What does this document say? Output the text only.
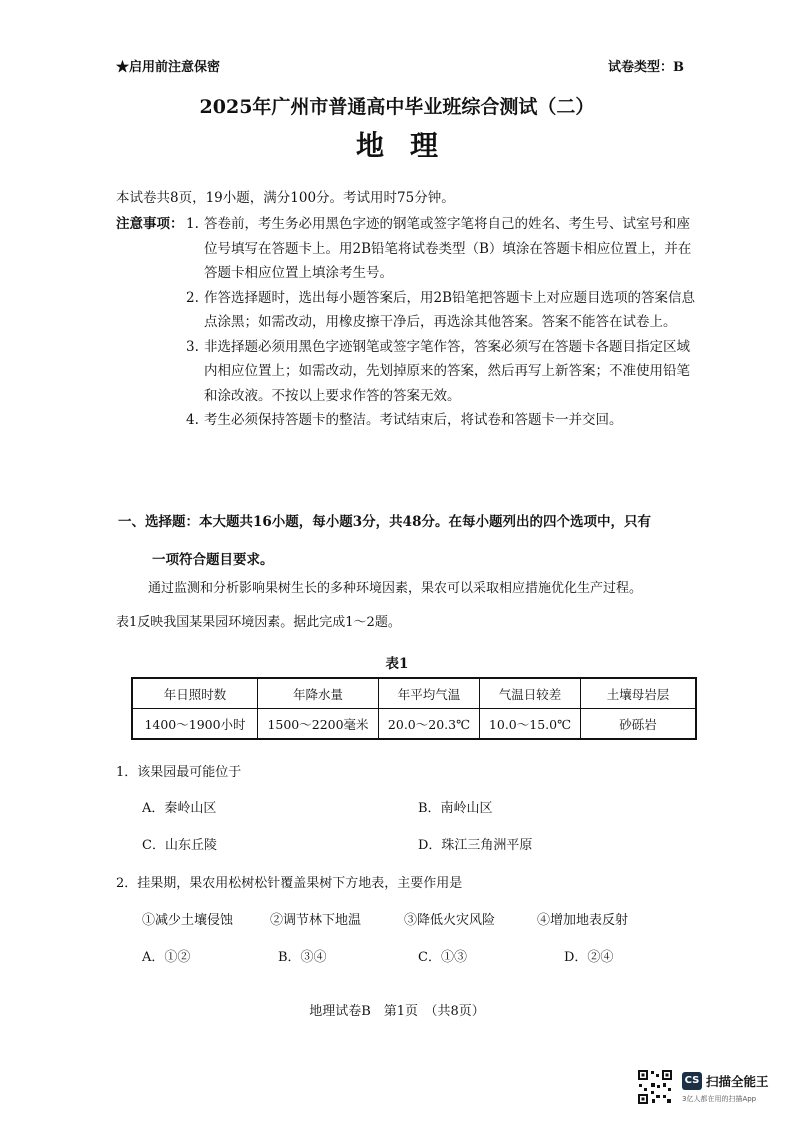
★启用前注意保密	试卷类型：B
2025年广州市普通高中毕业班综合测试（二）
地理
本试卷共8页，19小题，满分100分。考试用时75分钟。
注意事项： 1. 答卷前，考生务必用黑色字迹的钢笔或签字笔将自己的姓名、考生号、试室号和座位号填写在答题卡上。用2B铅笔将试卷类型（B）填涂在答题卡相应位置上，并在答题卡相应位置上填涂考生号。
2. 作答选择题时，选出每小题答案后，用2B铅笔把答题卡上对应题目选项的答案信息点涂黑；如需改动，用橡皮擦干净后，再选涂其他答案。答案不能答在试卷上。
3. 非选择题必须用黑色字迹钢笔或签字笔作答，答案必须写在答题卡各题目指定区域内相应位置上；如需改动，先划掉原来的答案，然后再写上新答案；不准使用铅笔和涂改液。不按以上要求作答的答案无效。
4. 考生必须保持答题卡的整洁。考试结束后，将试卷和答题卡一并交回。
一、选择题：本大题共16小题，每小题3分，共48分。在每小题列出的四个选项中，只有
一项符合题目要求。
通过监测和分析影响果树生长的多种环境因素，果农可以采取相应措施优化生产过程。
表1反映我国某果园环境因素。据此完成1～2题。
表1
年日照时数	年降水量	年平均气温	气温日较差	土壤母岩层
1400～1900小时	1500～2200毫米	20.0～20.3℃	10.0～15.0℃	砂砾岩
1．该果园最可能位于
A．秦岭山区	B．南岭山区
C．山东丘陵	D．珠江三角洲平原
2．挂果期，果农用松树松针覆盖果树下方地表，主要作用是
①减少土壤侵蚀	②调节林下地温	③降低火灾风险	④增加地表反射
A．①②	B．③④	C．①③	D．②④
地理试卷B　第1页　（共8页）
CS 扫描全能王
3亿人都在用的扫描App
